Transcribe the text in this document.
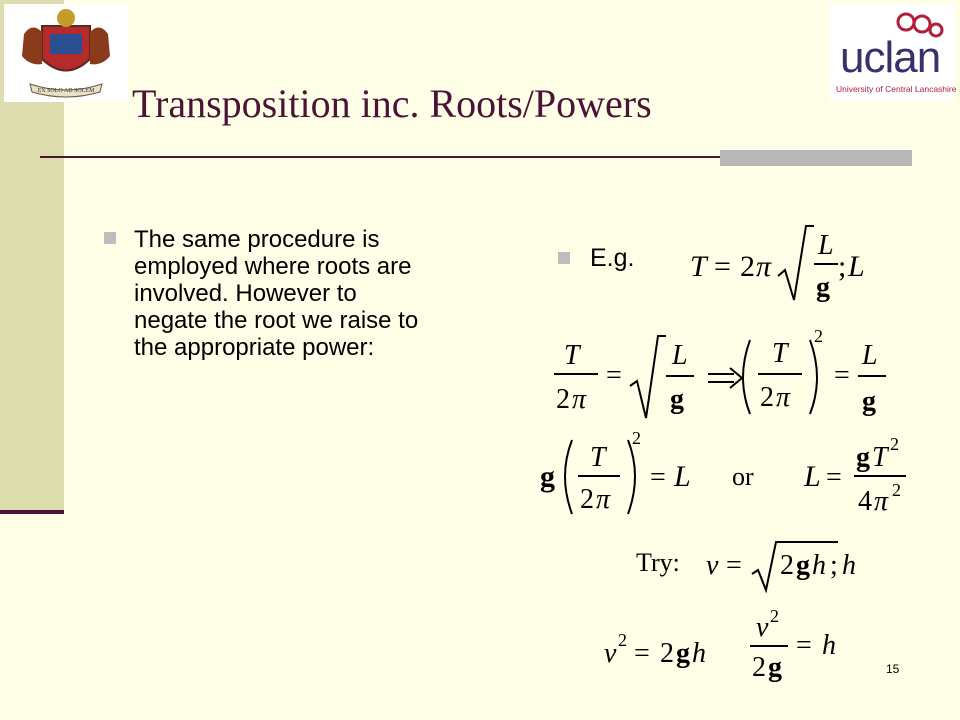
EX SOLO AD SOLEM
uclan
University of Central Lancashire
Transposition inc. Roots/Powers
The same procedure is employed where roots are involved. However to negate the root we raise to the appropriate power:
E.g. T = 2 π
L
g
; L
T
2 π
=
L
g
T
2 π
2
=
L
g
g
T
2 π
2
= L or L =
g T 2
4 π 2
Try: v = 2 g h ; h
v 2 = 2 g h
v 2
2 g
= h
15
